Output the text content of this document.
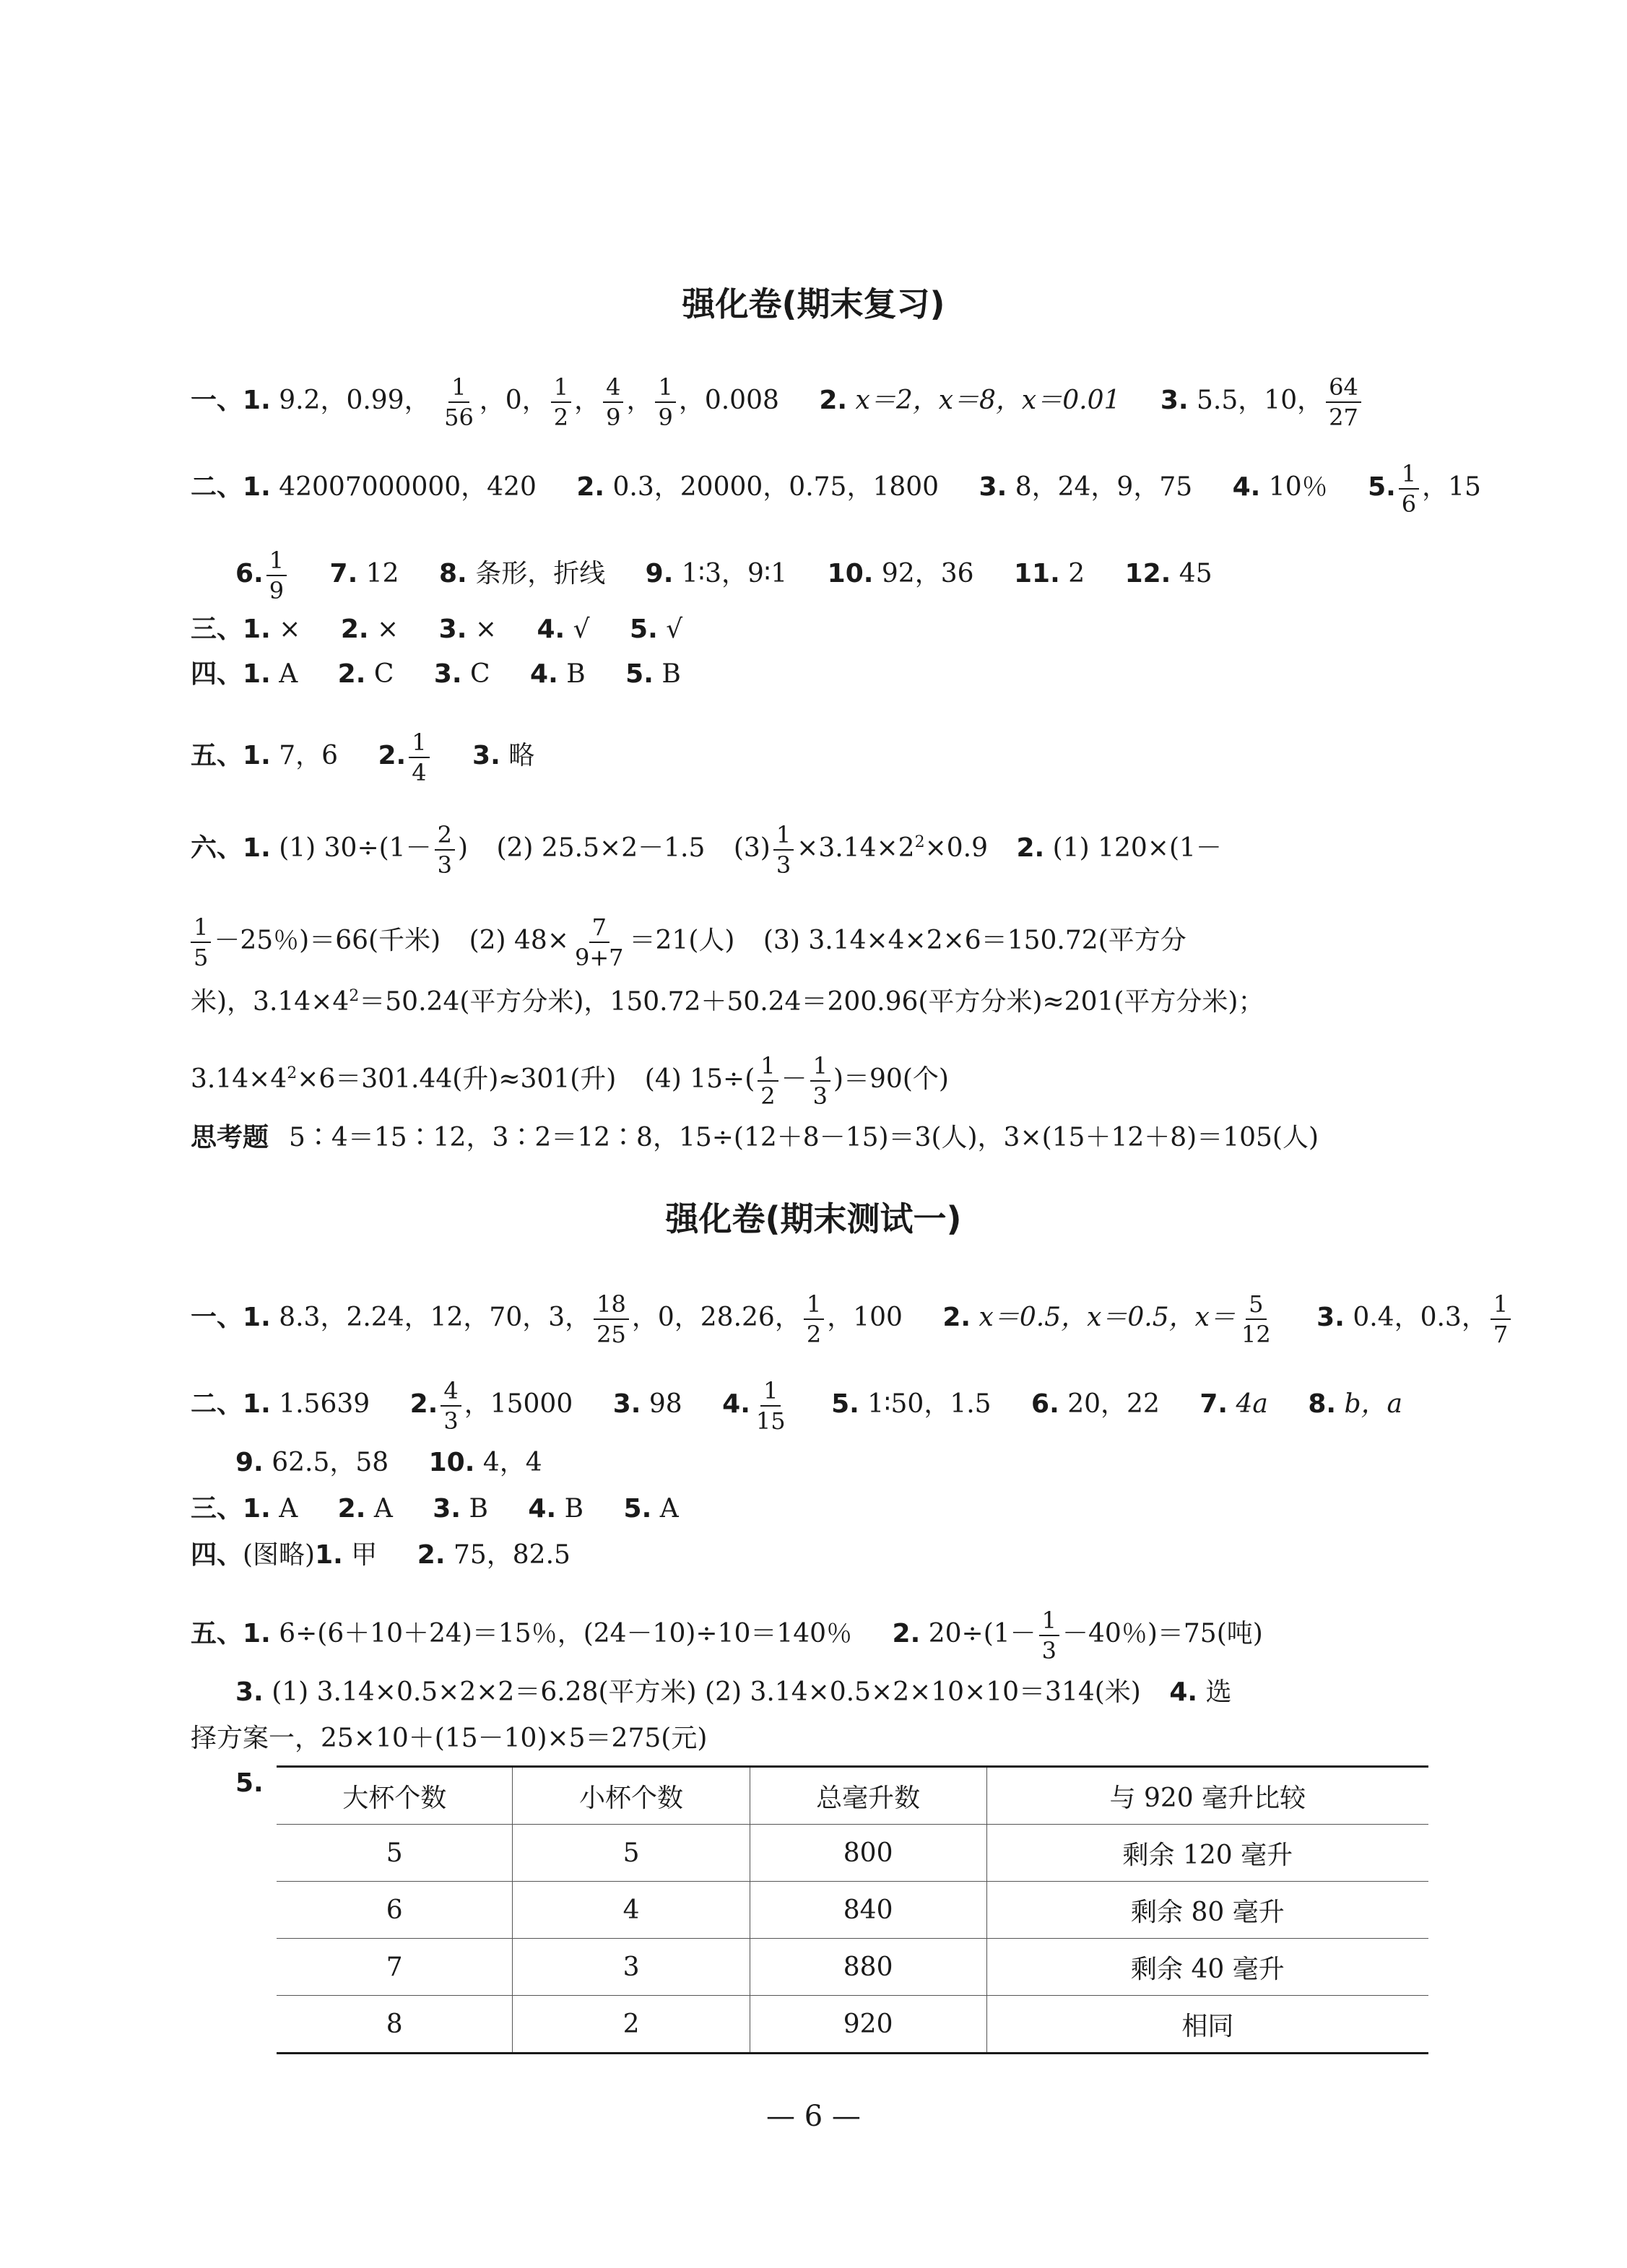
强化卷(期末复习)
一、1. 9.2，0.99， $\frac{1}{56}$ ，0， $\frac{1}{2}$ ， $\frac{4}{9}$ ， $\frac{1}{9}$ ，0.008 2. x＝2，x＝8，x＝0.01 3. 5.5，10， $\frac{64}{27}$
二、1. 42007000000，420 2. 0.3，20000，0.75，1800 3. 8，24，9，75 4. 10％ 5. $\frac{1}{6}$ ，15
6. $\frac{1}{9} 7$. 12 8. 条形，折线 9. 1∶3，9∶1 10. 92，36 11. 2 12. 45
三、1. × 2. × 3. × 4. √ 5. √
四、1. A 2. C 3. C 4. B 5. B
五、1. 7，6 2. $\frac{1}{4} 3$. 略
六、1. (1) $30\div(1- \frac{2}{3}$ ) (2) 25.5×2－1.5 $(3) \frac{1}{3} \times 3.14\times 2^2\times 0.9$ 2. (1) 120×(1－
$\frac{1}{5} -25$％)＝66(千米) (2) $48\times \frac{7}{9+7} =21$(人) (3) 3.14×4×2×6＝150.72(平方分
米)，$3.14\times 4^2=50.24$(平方分米)，150.72＋50.24＝200.96(平方分米)≈201(平方分米)；
$3.14\times 4^2\times 6=301.44$(升)≈301(升) (4) $15\div( \frac{1}{2} - \frac{1}{3} )=90$(个)
思考题 5∶4＝15∶12，3∶2＝12∶8，15÷(12＋8－15)＝3(人)，3×(15＋12＋8)＝105(人)
强化卷(期末测试一)
一、1. 8.3，2.24，12，70，3， $\frac{18}{25}$ ，0，28.26， $\frac{1}{2}$ ，100 2. x＝0.5，x＝0.5，$x= \frac{5}{12} 3$. 0.4，0.3， $\frac{1}{7}$
二、1. 1.5639 2. $\frac{4}{3}$ ，15000 3. 98 4. $\frac{1}{15} 5$. 1∶50，1.5 6. 20，22 7. 4a 8. b，a
9. 62.5，58 10. 4，4
三、1. A 2. A 3. B 4. B 5. A
四、(图略)1. 甲 2. 75，82.5
五、1. 6÷(6＋10＋24)＝15％，(24－10)÷10＝140％ 2. $20\div(1- \frac{1}{3} -40$％)＝75(吨)
3. (1) 3.14×0.5×2×2＝6.28(平方米) (2) 3.14×0.5×2×10×10＝314(米) 4. 选
择方案一，25×10＋(15－10)×5＝275(元)
5.	大杯个数	小杯个数	总毫升数	与 920 毫升比较
5	5	800	剩余 120 毫升
6	4	840	剩余 80 毫升
7	3	880	剩余 40 毫升
8	2	920	相同
— 6 —
